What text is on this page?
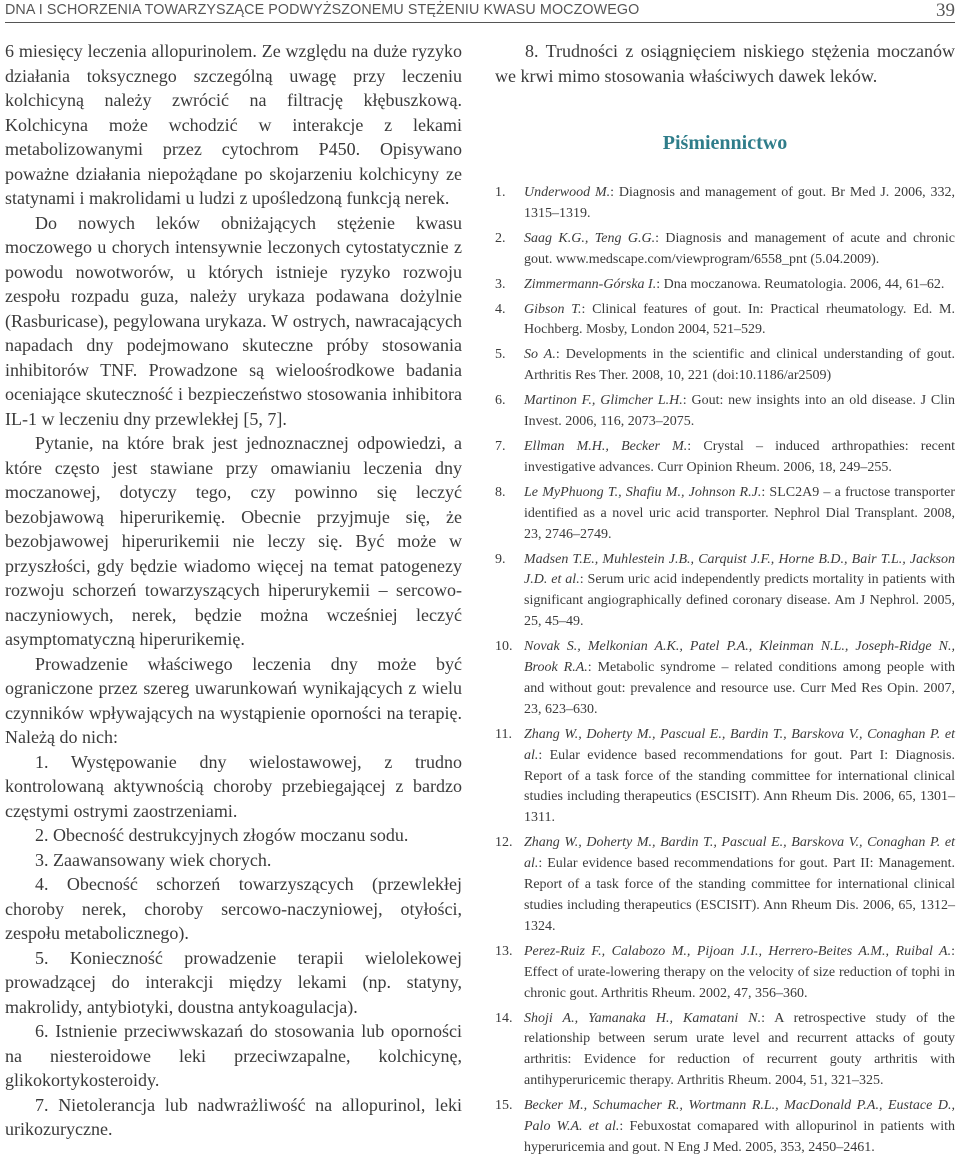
DNA I SCHORZENIA TOWARZYSZĄCE PODWYŻSZONEMU STĘŻENIU KWASU MOCZOWEGO	39

6 miesięcy leczenia allopurinolem. Ze względu na duże ryzyko działania toksycznego szczególną uwagę przy leczeniu kolchicyną należy zwrócić na filtrację kłębuszkową. Kolchicyna może wchodzić w interakcje z lekami metabolizowanymi przez cytochrom P450. Opisywano poważne działania niepożądane po skojarzeniu kolchicyny ze statynami i makrolidami u ludzi z upośledzoną funkcją nerek.

Do nowych leków obniżających stężenie kwasu moczowego u chorych intensywnie leczonych cytostatycznie z powodu nowotworów, u których istnieje ryzyko rozwoju zespołu rozpadu guza, należy urykaza podawana dożylnie (Rasburicase), pegylowana urykaza. W ostrych, nawracających napadach dny podejmowano skuteczne próby stosowania inhibitorów TNF. Prowadzone są wieloośrodkowe badania oceniające skuteczność i bezpieczeństwo stosowania inhibitora IL-1 w leczeniu dny przewlekłej [5, 7].

Pytanie, na które brak jest jednoznacznej odpowiedzi, a które często jest stawiane przy omawianiu leczenia dny moczanowej, dotyczy tego, czy powinno się leczyć bezobjawową hiperurikemię. Obecnie przyjmuje się, że bezobjawowej hiperurikemii nie leczy się. Być może w przyszłości, gdy będzie wiadomo więcej na temat patogenezy rozwoju schorzeń towarzyszących hiperurykemii – sercowo-naczyniowych, nerek, będzie można wcześniej leczyć asymptomatyczną hiperurikemię.

Prowadzenie właściwego leczenia dny może być ograniczone przez szereg uwarunkowań wynikających z wielu czynników wpływających na wystąpienie oporności na terapię. Należą do nich:

1. Występowanie dny wielostawowej, z trudno kontrolowaną aktywnością choroby przebiegającej z bardzo częstymi ostrymi zaostrzeniami.

2. Obecność destrukcyjnych złogów moczanu sodu.

3. Zaawansowany wiek chorych.

4. Obecność schorzeń towarzyszących (przewlekłej choroby nerek, choroby sercowo-naczyniowej, otyłości, zespołu metabolicznego).

5. Konieczność prowadzenie terapii wielolekowej prowadzącej do interakcji między lekami (np. statyny, makrolidy, antybiotyki, doustna antykoagulacja).

6. Istnienie przeciwwskazań do stosowania lub oporności na niesteroidowe leki przeciwzapalne, kolchicynę, glikokortykosteroidy.

7. Nietolerancja lub nadwrażliwość na allopurinol, leki urikozuryczne.

8. Trudności z osiągnięciem niskiego stężenia moczanów we krwi mimo stosowania właściwych dawek leków.

Piśmiennictwo
1.	Underwood M.: Diagnosis and management of gout. Br Med J. 2006, 332, 1315–1319.
2.	Saag K.G., Teng G.G.: Diagnosis and management of acute and chronic gout. www.medscape.com/viewprogram/6558_pnt (5.04.2009).
3.	Zimmermann-Górska I.: Dna moczanowa. Reumatologia. 2006, 44, 61–62.
4.	Gibson T.: Clinical features of gout. In: Practical rheumatology. Ed. M. Hochberg. Mosby, London 2004, 521–529.
5.	So A.: Developments in the scientific and clinical understanding of gout. Arthritis Res Ther. 2008, 10, 221 (doi:10.1186/ar2509)
6.	Martinon F., Glimcher L.H.: Gout: new insights into an old disease. J Clin Invest. 2006, 116, 2073–2075.
7.	Ellman M.H., Becker M.: Crystal – induced arthropathies: recent investigative advances. Curr Opinion Rheum. 2006, 18, 249–255.
8.	Le MyPhuong T., Shafiu M., Johnson R.J.: SLC2A9 – a fructose transporter identified as a novel uric acid transporter. Nephrol Dial Transplant. 2008, 23, 2746–2749.
9.	Madsen T.E., Muhlestein J.B., Carquist J.F., Horne B.D., Bair T.L., Jackson J.D. et al.: Serum uric acid independently predicts mortality in patients with significant angiographically defined coronary disease. Am J Nephrol. 2005, 25, 45–49.
10. Novak S., Melkonian A.K., Patel P.A., Kleinman N.L., Joseph-Ridge N., Brook R.A.: Metabolic syndrome – related conditions among people with and without gout: prevalence and resource use. Curr Med Res Opin. 2007, 23, 623–630.
11. Zhang W., Doherty M., Pascual E., Bardin T., Barskova V., Conaghan P. et al.: Eular evidence based recommendations for gout. Part I: Diagnosis. Report of a task force of the standing committee for international clinical studies including therapeutics (ESCISIT). Ann Rheum Dis. 2006, 65, 1301–1311.
12. Zhang W., Doherty M., Bardin T., Pascual E., Barskova V., Conaghan P. et al.: Eular evidence based recommendations for gout. Part II: Management. Report of a task force of the standing committee for international clinical studies including therapeutics (ESCISIT). Ann Rheum Dis. 2006, 65, 1312–1324.
13. Perez-Ruiz F., Calabozo M., Pijoan J.I., Herrero-Beites A.M., Ruibal A.: Effect of urate-lowering therapy on the velocity of size reduction of tophi in chronic gout. Arthritis Rheum. 2002, 47, 356–360.
14. Shoji A., Yamanaka H., Kamatani N.: A retrospective study of the relationship between serum urate level and recurrent attacks of gouty arthritis: Evidence for reduction of recurrent gouty arthritis with antihyperuricemic therapy. Arthritis Rheum. 2004, 51, 321–325.
15. Becker M., Schumacher R., Wortmann R.L., MacDonald P.A., Eustace D., Palo W.A. et al.: Febuxostat comapared with allopurinol in patients with hyperuricemia and gout. N Eng J Med. 2005, 353, 2450–2461.
